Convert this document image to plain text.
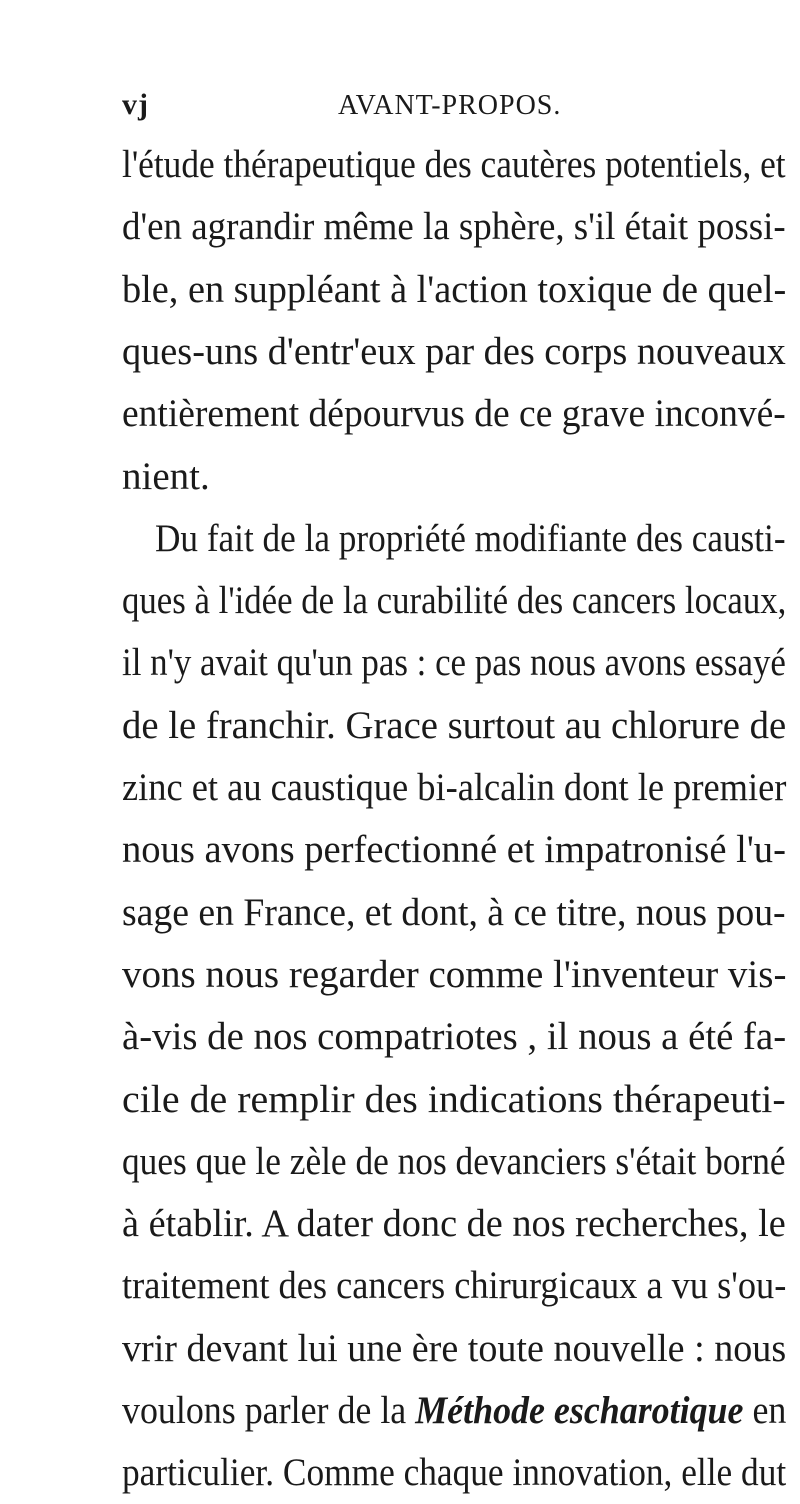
vj	AVANT-PROPOS.
l'étude thérapeutique des cautères potentiels, et
d'en agrandir même la sphère, s'il était possi-
ble, en suppléant à l'action toxique de quel-
ques-uns d'entr'eux par des corps nouveaux
entièrement dépourvus de ce grave inconvé-
nient.
Du fait de la propriété modifiante des causti-
ques à l'idée de la curabilité des cancers locaux,
il n'y avait qu'un pas : ce pas nous avons essayé
de le franchir. Grace surtout au chlorure de
zinc et au caustique bi-alcalin dont le premier
nous avons perfectionné et impatronisé l'u-
sage en France, et dont, à ce titre, nous pou-
vons nous regarder comme l'inventeur vis-
à-vis de nos compatriotes , il nous a été fa-
cile de remplir des indications thérapeuti-
ques que le zèle de nos devanciers s'était borné
à établir. A dater donc de nos recherches, le
traitement des cancers chirurgicaux a vu s'ou-
vrir devant lui une ère toute nouvelle : nous
voulons parler de la Méthode escharotique en
particulier. Comme chaque innovation, elle dut
